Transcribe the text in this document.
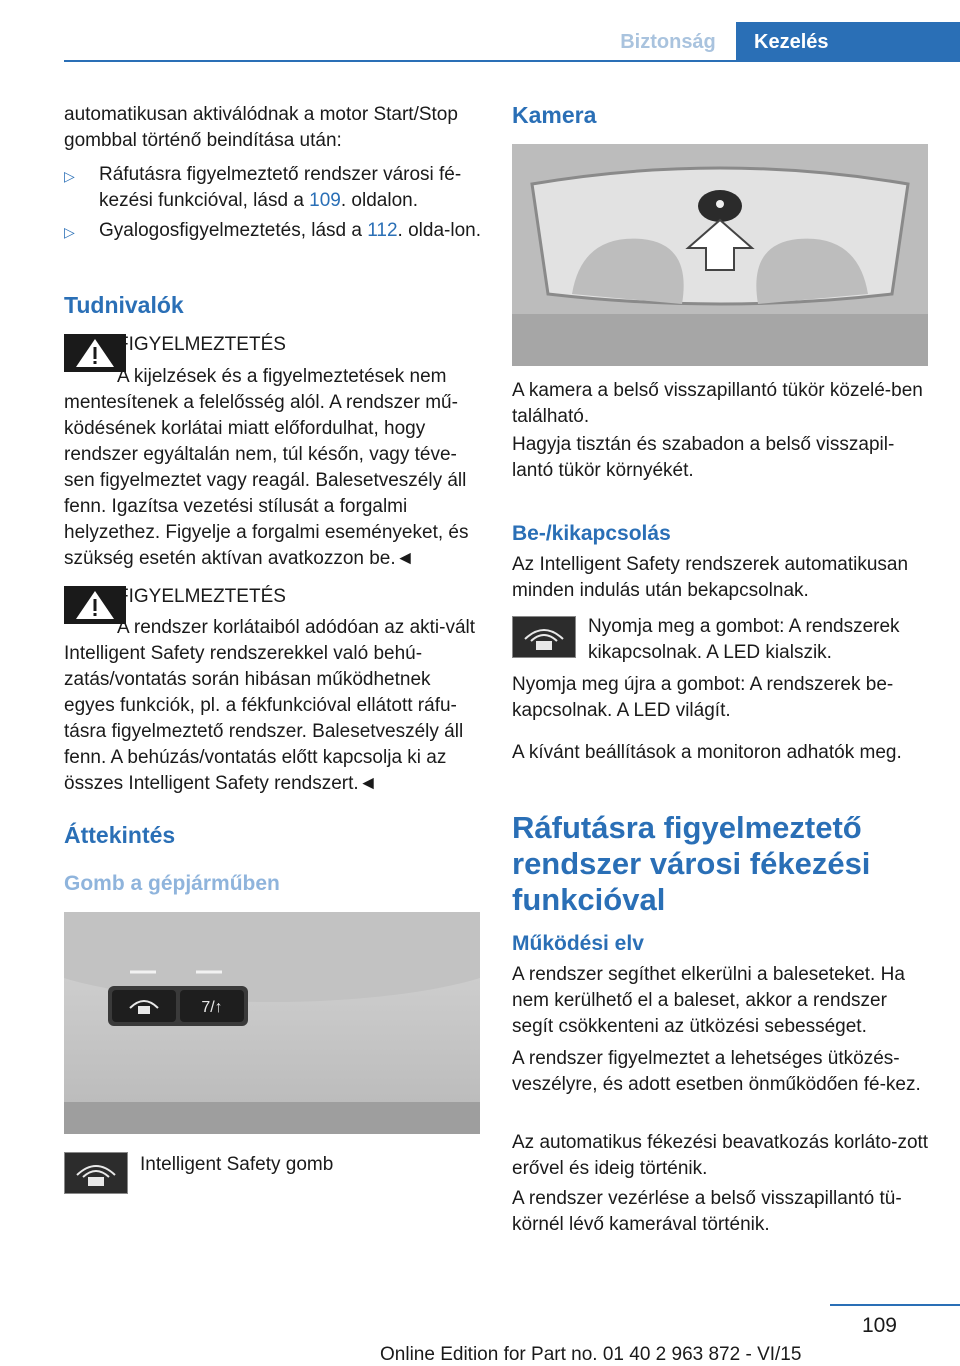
Biztonság	Kezelés

automatikusan aktiválódnak a motor Start/Stop gombbal történő beindítása után:

▷	Ráfutásra figyelmeztető rendszer városi fé-kezési funkcióval, lásd a 109. oldalon.

▷	Gyalogosfigyelmeztetés, lásd a 112. olda-lon.

Tudnivalók
FIGYELMEZTETÉS
A kijelzések és a figyelmeztetések nem mentesítenek a felelősség alól. A rendszer mű-ködésének korlátai miatt előfordulhat, hogy rendszer egyáltalán nem, túl későn, vagy téve-sen figyelmeztet vagy reagál. Balesetveszély áll fenn. Igazítsa vezetési stílusát a forgalmi helyzethez. Figyelje a forgalmi eseményeket, és szükség esetén aktívan avatkozzon be.◄
FIGYELMEZTETÉS
A rendszer korlátaiból adódóan az akti-vált Intelligent Safety rendszerekkel való behú-zatás/vontatás során hibásan működhetnek egyes funkciók, pl. a fékfunkcióval ellátott ráfu-tásra figyelmeztető rendszer. Balesetveszély áll fenn. A behúzás/vontatás előtt kapcsolja ki az összes Intelligent Safety rendszert.◄
Áttekintés
Gomb a gépjárműben
7/↑
Intelligent Safety gomb
Kamera
A kamera a belső visszapillantó tükör közelé-ben található.
Hagyja tisztán és szabadon a belső visszapil-lantó tükör környékét.
Be-/kikapcsolás
Az Intelligent Safety rendszerek automatikusan minden indulás után bekapcsolnak.
Nyomja meg a gombot: A rendszerek kikapcsolnak. A LED kialszik.
Nyomja meg újra a gombot: A rendszerek be-kapcsolnak. A LED világít.
A kívánt beállítások a monitoron adhatók meg.
Ráfutásra figyelmeztető rendszer városi fékezési funkcióval
Működési elv
A rendszer segíthet elkerülni a baleseteket. Ha nem kerülhető el a baleset, akkor a rendszer segít csökkenteni az ütközési sebességet.
A rendszer figyelmeztet a lehetséges ütközés-veszélyre, és adott esetben önműködően fé-kez.
Az automatikus fékezési beavatkozás korláto-zott erővel és ideig történik.
A rendszer vezérlése a belső visszapillantó tü-körnél lévő kamerával történik.
109
Online Edition for Part no. 01 40 2 963 872 - VI/15
